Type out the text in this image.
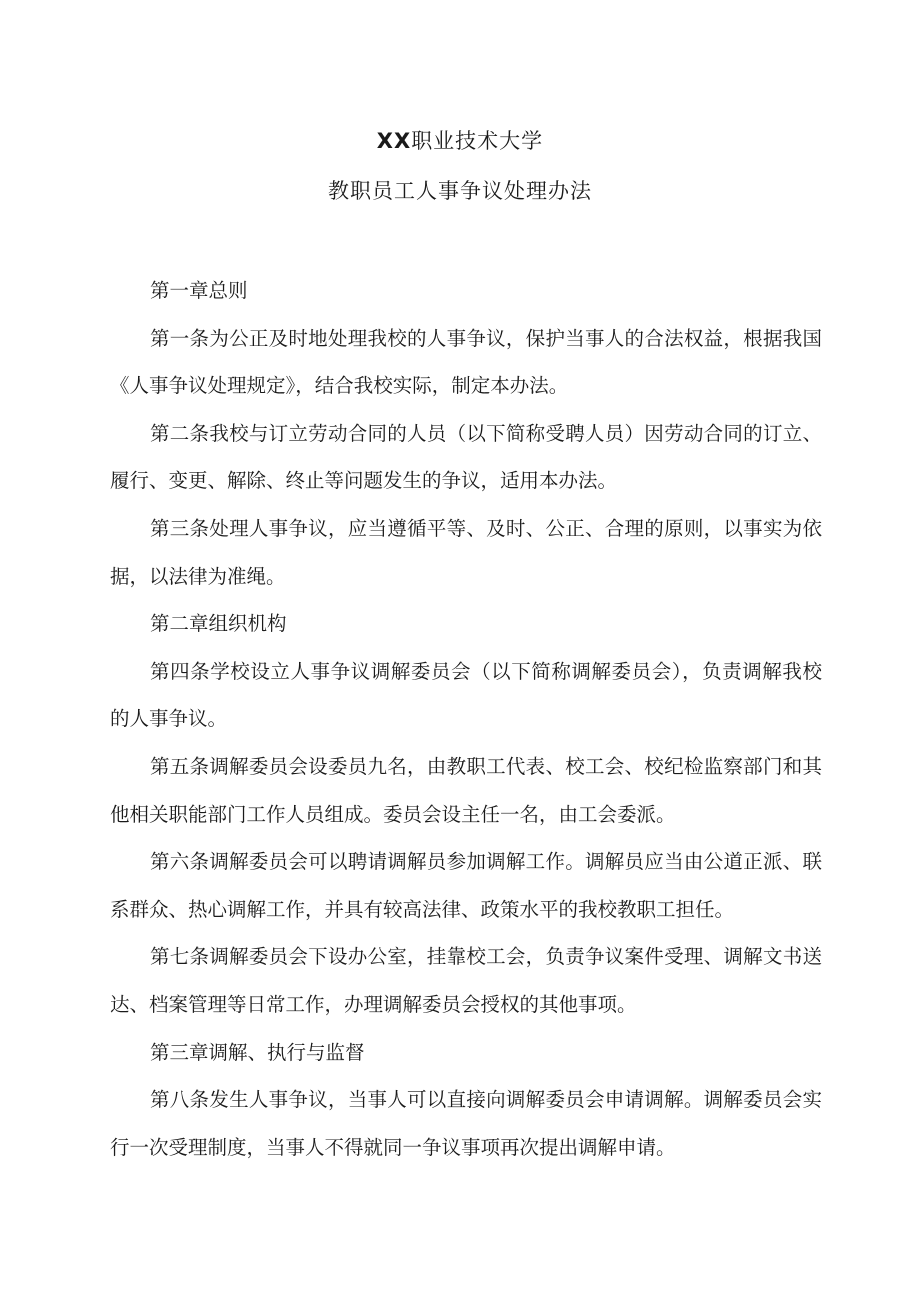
XX职业技术大学
教职员工人事争议处理办法

第一章总则

第一条为公正及时地处理我校的人事争议，保护当事人的合法权益，根据我国《人事争议处理规定》，结合我校实际，制定本办法。

第二条我校与订立劳动合同的人员（以下简称受聘人员）因劳动合同的订立、履行、变更、解除、终止等问题发生的争议，适用本办法。

第三条处理人事争议，应当遵循平等、及时、公正、合理的原则，以事实为依据，以法律为准绳。

第二章组织机构

第四条学校设立人事争议调解委员会（以下简称调解委员会），负责调解我校的人事争议。

第五条调解委员会设委员九名，由教职工代表、校工会、校纪检监察部门和其他相关职能部门工作人员组成。委员会设主任一名，由工会委派。

第六条调解委员会可以聘请调解员参加调解工作。调解员应当由公道正派、联系群众、热心调解工作，并具有较高法律、政策水平的我校教职工担任。

第七条调解委员会下设办公室，挂靠校工会，负责争议案件受理、调解文书送达、档案管理等日常工作，办理调解委员会授权的其他事项。

第三章调解、执行与监督

第八条发生人事争议，当事人可以直接向调解委员会申请调解。调解委员会实行一次受理制度，当事人不得就同一争议事项再次提出调解申请。
